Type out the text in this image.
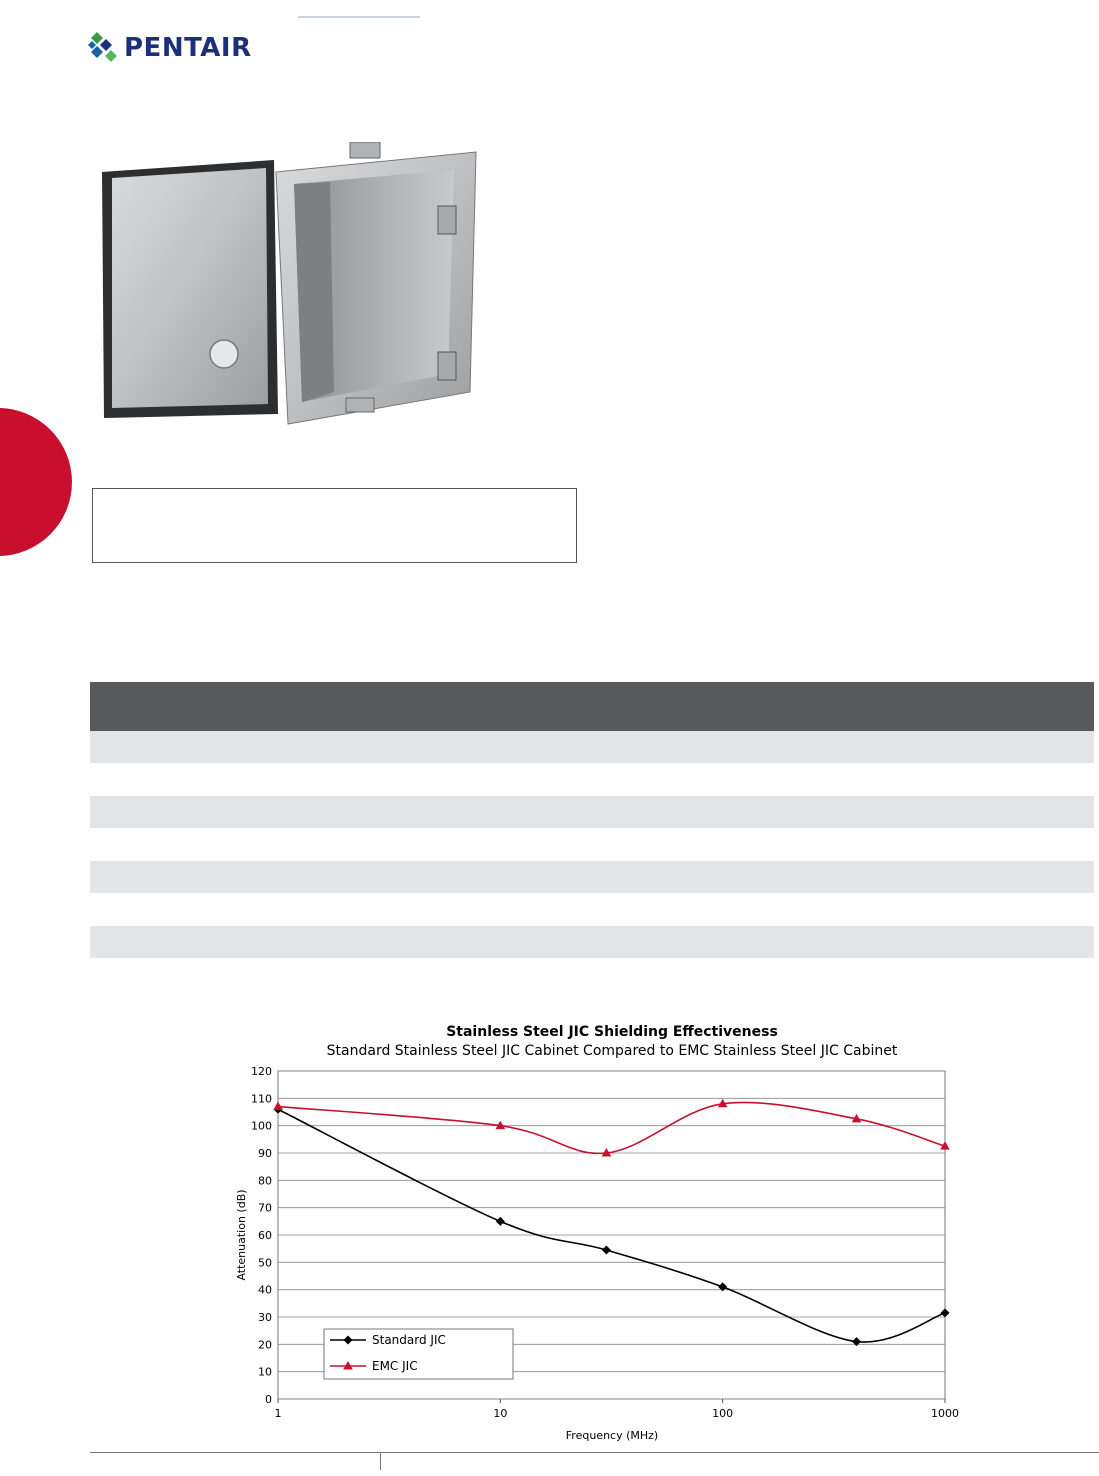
PENTAIR
Stainless Steel JIC Shielding Effectiveness
Standard Stainless Steel JIC Cabinet Compared to EMC Stainless Steel JIC Cabinet
Frequency (MHz)
Attenuation (dB)
0
10
20
30
40
50
60
70
80
90
100
110
120
1	10	100	1000
Standard JIC
EMC JIC
